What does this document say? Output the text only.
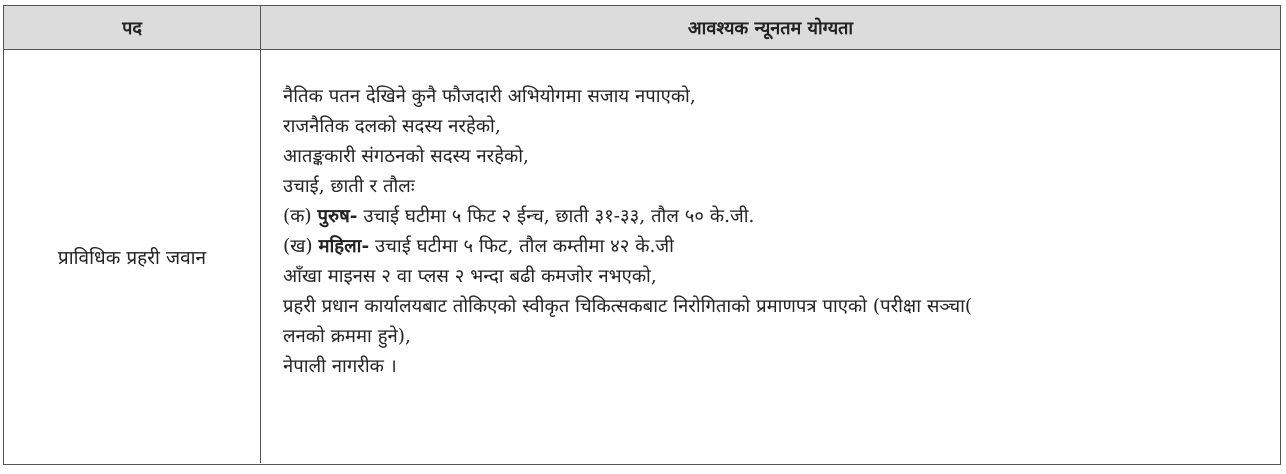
पद	आवश्यक न्यूनतम योग्यता
प्राविधिक प्रहरी जवान
नैतिक पतन देखिने कुनै फौजदारी अभियोगमा सजाय नपाएको,
राजनैतिक दलको सदस्य नरहेको,
आतङ्ककारी संगठनको सदस्य नरहेको,
उचाई, छाती र तौलः
(क) पुरुष- उचाई घटीमा ५ फिट २ ईन्च, छाती ३१-३३, तौल ५० के.जी.
(ख) महिला- उचाई घटीमा ५ फिट, तौल कम्तीमा ४२ के.जी
आँखा माइनस २ वा प्लस २ भन्दा बढी कमजोर नभएको,
प्रहरी प्रधान कार्यालयबाट तोकिएको स्वीकृत चिकित्सकबाट निरोगिताको प्रमाणपत्र पाएको (परीक्षा सञ्चा(
लनको क्रममा हुने),
नेपाली नागरीक ।
